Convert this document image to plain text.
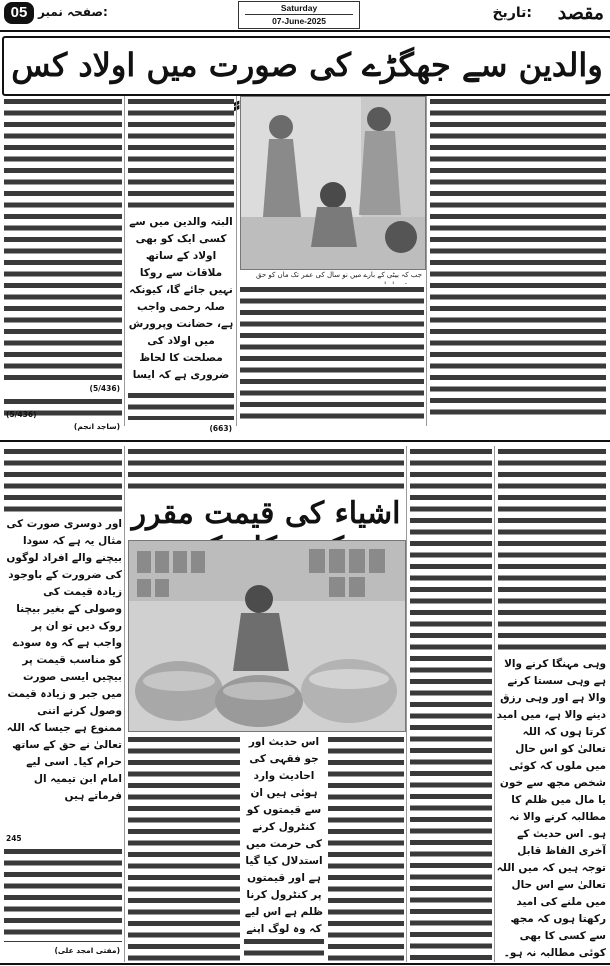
مقصد
تاریخ:
Saturday
07-June-2025
صفحہ نمبر:
05
والدین سے جھگڑے کی صورت میں اولاد کس
جب کہ بیٹی کے بارے میں نو سال کی عمر تک ماں کو حق
البتہ والدین میں سے کسی ایک کو بھی اولاد کے ساتھ ملاقات سے روکا نہیں جائے گا، کیونکہ صلہ رحمی واجب ہے، حضانت وپرورش میں اولاد کی مصلحت کا لحاظ ضروری ہے کہ ایسا
(663)
(5/436)
(ساجد انجم)
(5/436)
وہی مہنگا کرنے والا ہے وہی سستا کرنے والا ہے اور وہی رزق دینے والا ہے، میں امید کرتا ہوں کہ اللہ تعالیٰ کو اس حال میں ملوں کہ کوئی شخص مجھ سے خون یا مال میں ظلم کا مطالبہ کرنے والا نہ ہو۔ اس حدیث کے آخری الفاظ قابل توجہ ہیں کہ میں اللہ تعالیٰ سے اس حال میں ملنے کی امید رکھتا ہوں کہ مجھ سے کسی کا بھی کوئی مطالبہ نہ ہو۔
اشیاء کی قیمت مقرر
اس حدیث اور جو فقہی کی احادیث وارد ہوئی ہیں ان سے قیمتوں کو کنٹرول کرنے کی حرمت میں استدلال کیا گیا ہے اور قیمتوں پر کنٹرول کرنا ظلم ہے اس لیے کہ وہ لوگ اپنے
اور دوسری صورت کی مثال یہ ہے کہ سودا بیچنے والے افراد لوگوں کی ضرورت کے باوجود زیادہ قیمت کی وصولی کے بغیر بیچنا روک دیں تو ان پر واجب ہے کہ وہ سودے کو مناسب قیمت پر بیچیں ایسی صورت میں جبر و زیادہ قیمت وصول کرنے اتنی ممنوع ہے جیسا کہ اللہ تعالیٰ نے حق کے ساتھ حرام کیا۔ اسی لیے امام ابن تیمیہ ال فرماتے ہیں
245
(مفتی امجد علی)
